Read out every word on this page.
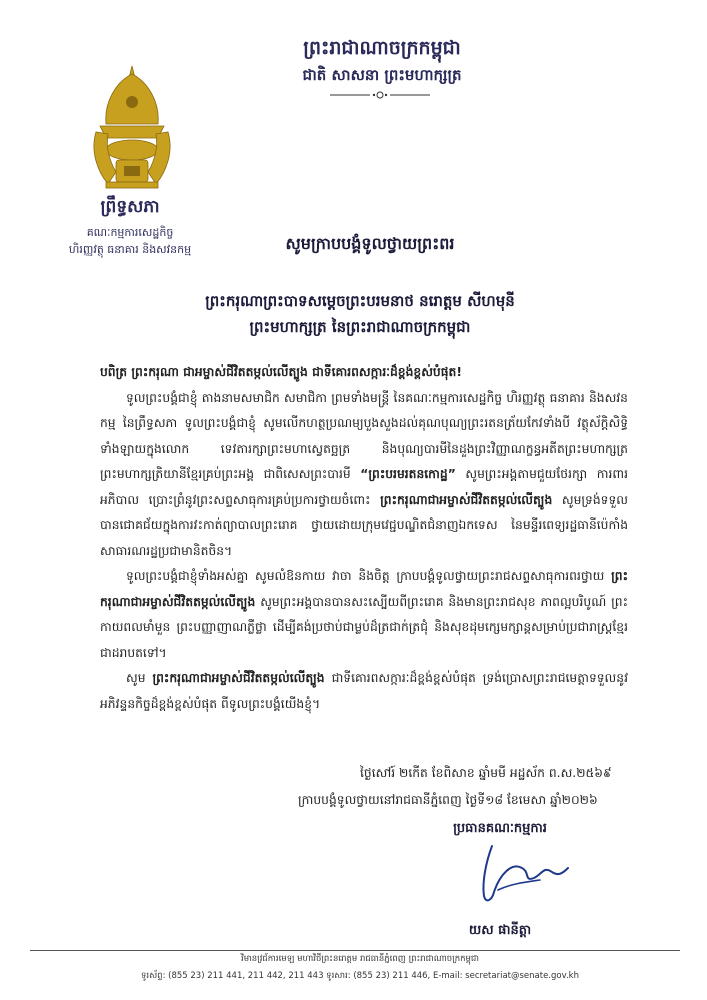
ព្រះរាជាណាចក្រកម្ពុជា
ជាតិ សាសនា ព្រះមហាក្សត្រ
ព្រឹទ្ធសភា
គណៈកម្មការសេដ្ឋកិច្ច
ហិរញ្ញវត្ថុ ធនាគារ និងសវនកម្ម	សូមក្រាបបង្គំទូលថ្វាយព្រះពរ
ព្រះករុណាព្រះបាទសម្តេចព្រះបរមនាថ នរោត្តម សីហមុនី
ព្រះមហាក្សត្រ នៃព្រះរាជាណាចក្រកម្ពុជា

បពិត្រ ព្រះករុណា ជាអម្ចាស់ជីវិតតម្កល់លើត្បូង ជាទីគោរពសក្ការៈដ៏ខ្ពង់ខ្ពស់បំផុត!

ទូលព្រះបង្គំជាខ្ញុំ តាងនាមសមាជិក សមាជិកា ព្រមទាំងមន្ត្រី នៃគណៈកម្មការសេដ្ឋកិច្ច ហិរញ្ញវត្ថុ ធនាគារ និងសវនកម្ម នៃព្រឹទ្ធសភា ទូលព្រះបង្គំជាខ្ញុំ សូមលើកហត្ថប្រណម្យបួងសួងដល់គុណបុណ្យព្រះរតនត្រ័យកែវទាំងបី វត្ថុស័ក្តិសិទ្ធិទាំងឡាយក្នុងលោក ទេវតារក្សាព្រះមហាស្វេតច្ឆត្រ និងបុណ្យបារមីនៃដួងព្រះវិញ្ញាណក្ខន្ធអតីតព្រះមហាក្សត្រ ព្រះមហាក្សត្រិយានីខ្មែរគ្រប់ព្រះអង្គ ជាពិសេសព្រះបារមី “ព្រះបរមរតនកោដ្ឋ” សូមព្រះអង្គតាមជួយថែរក្សា ការពារ អភិបាល ប្រោះព្រំនូវព្រះសព្ទសាធុការគ្រប់ប្រការថ្វាយចំពោះ ព្រះករុណាជាអម្ចាស់ជីវិតតម្កល់លើត្បូង សូមទ្រង់ទទួលបានជោគជ័យក្នុងការវះកាត់ព្យាបាលព្រះរោគ ថ្វាយដោយក្រុមវេជ្ជបណ្ឌិតជំនាញឯកទេស នៃមន្ទីរពេទ្យរដ្ឋធានីប៉េកាំង សាធារណរដ្ឋប្រជាមានិតចិន។

ទូលព្រះបង្គំជាខ្ញុំទាំងអស់គ្នា សូមលំឱនកាយ វាចា និងចិត្ត ក្រាបបង្គំទូលថ្វាយព្រះរាជសព្ទសាធុការពរថ្វាយ ព្រះករុណាជាអម្ចាស់ជីវិតតម្កល់លើត្បូង សូមព្រះអង្គបានបានសះស្បើយពីព្រះរោគ និងមានព្រះរាជសុខ ភាពល្អបរិបូណ៍ ព្រះកាយពលមាំមួន ព្រះបញ្ញាញាណភ្លឺថ្លា ដើម្បីគង់ប្រថាប់ជាម្លប់ដ៏ត្រជាក់ត្រជុំ និងសុខដុមក្សេមក្សាន្តសម្រាប់ប្រជារាស្ត្រខ្មែរជាដរាបតទៅ។

សូម ព្រះករុណាជាអម្ចាស់ជីវិតតម្កល់លើត្បូង ជាទីគោរពសក្ការៈដ៏ខ្ពង់ខ្ពស់បំផុត ទ្រង់ប្រោសព្រះរាជមេត្តាទទួលនូវអភិវន្ទនកិច្ចដ៏ខ្ពង់ខ្ពស់បំផុត ពីទូលព្រះបង្គំយើងខ្ញុំ។

ថ្ងៃសៅរ៍ ២កើត ខែពិសាខ ឆ្នាំមមី អដ្ឋស័ក ព.ស.២៥៦៩
ក្រាបបង្គំទូលថ្វាយនៅរាជធានីភ្នំពេញ ថ្ងៃទី១៨ ខែមេសា ឆ្នាំ២០២៦
ប្រធានគណៈកម្មការ
យស ផានីត្តា
វិមានវ្រជ័ការមេឡ មហាវិថីព្រះនរោត្តម រាជធានីភ្នំពេញ ព្រះរាជាណាចក្រកម្ពុជា
ទូរស័ព្ទ: (855 23) 211 441, 211 442, 211 443 ទូរសារ: (855 23) 211 446, E-mail: secretariat@senate.gov.kh
